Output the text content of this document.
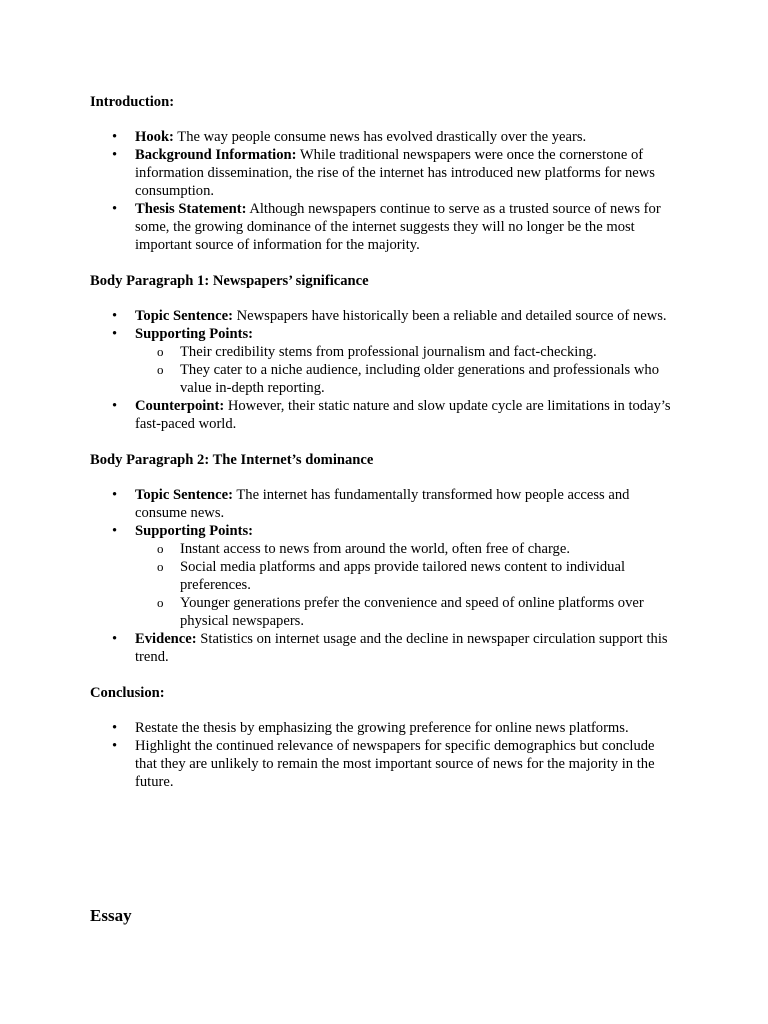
Introduction:
•	Hook: The way people consume news has evolved drastically over the years.
•	Background Information: While traditional newspapers were once the cornerstone of information dissemination, the rise of the internet has introduced new platforms for news consumption.
•	Thesis Statement: Although newspapers continue to serve as a trusted source of news for some, the growing dominance of the internet suggests they will no longer be the most important source of information for the majority.
Body Paragraph 1: Newspapers’ significance
•	Topic Sentence: Newspapers have historically been a reliable and detailed source of news.
•	Supporting Points:
o Their credibility stems from professional journalism and fact-checking.
o They cater to a niche audience, including older generations and professionals who value in-depth reporting.
•	Counterpoint: However, their static nature and slow update cycle are limitations in today’s fast-paced world.
Body Paragraph 2: The Internet’s dominance
•	Topic Sentence: The internet has fundamentally transformed how people access and consume news.
•	Supporting Points:
o Instant access to news from around the world, often free of charge.
o Social media platforms and apps provide tailored news content to individual preferences.
o Younger generations prefer the convenience and speed of online platforms over physical newspapers.
•	Evidence: Statistics on internet usage and the decline in newspaper circulation support this trend.
Conclusion:
•	Restate the thesis by emphasizing the growing preference for online news platforms.
•	Highlight the continued relevance of newspapers for specific demographics but conclude that they are unlikely to remain the most important source of news for the majority in the future.
Essay
